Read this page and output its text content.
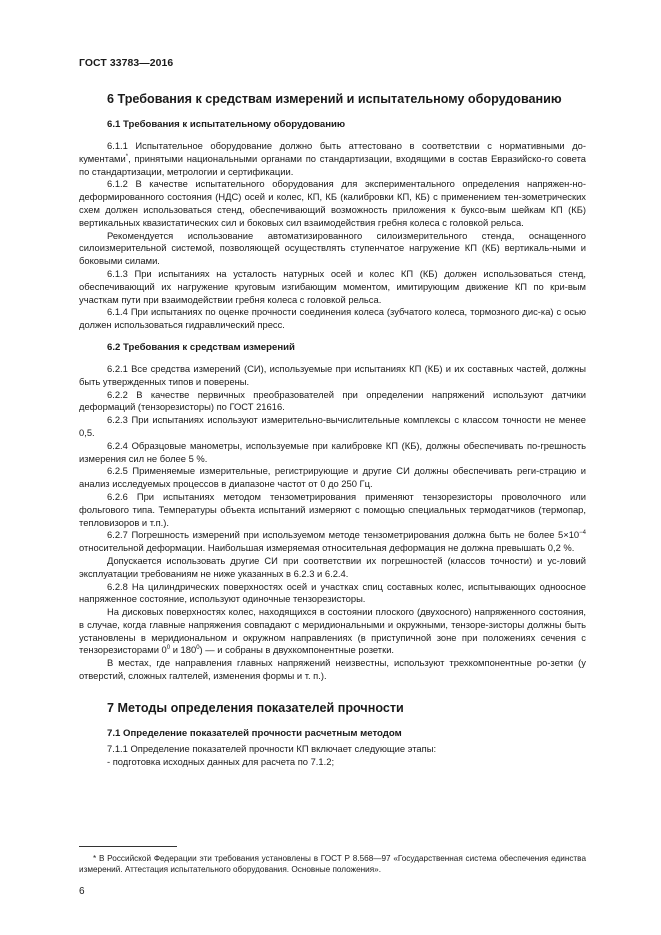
ГОСТ 33783—2016
6 Требования к средствам измерений и испытательному оборудованию
6.1 Требования к испытательному оборудованию

6.1.1 Испытательное оборудование должно быть аттестовано в соответствии с нормативными до-кументами*, принятыми национальными органами по стандартизации, входящими в состав Евразийско-го совета по стандартизации, метрологии и сертификации.

6.1.2 В качестве испытательного оборудования для экспериментального определения напряжен-но-деформированного состояния (НДС) осей и колес, КП, КБ (калибровки КП, КБ) с применением тен-зометрических схем должен использоваться стенд, обеспечивающий возможность приложения к буксо-вым шейкам КП (КБ) вертикальных квазистатических сил и боковых сил взаимодействия гребня колеса с головкой рельса.

Рекомендуется использование автоматизированного силоизмерительного стенда, оснащенного силоизмерительной системой, позволяющей осуществлять ступенчатое нагружение КП (КБ) вертикаль-ными и боковыми силами.

6.1.3 При испытаниях на усталость натурных осей и колес КП (КБ) должен использоваться стенд, обеспечивающий их нагружение круговым изгибающим моментом, имитирующим движение КП по кри-вым участкам пути при взаимодействии гребня колеса с головкой рельса.

6.1.4 При испытаниях по оценке прочности соединения колеса (зубчатого колеса, тормозного дис-ка) с осью должен использоваться гидравлический пресс.

6.2 Требования к средствам измерений

6.2.1 Все средства измерений (СИ), используемые при испытаниях КП (КБ) и их составных частей, должны быть утвержденных типов и поверены.

6.2.2 В качестве первичных преобразователей при определении напряжений используют датчики деформаций (тензорезисторы) по ГОСТ 21616.

6.2.3 При испытаниях используют измерительно-вычислительные комплексы с классом точности не менее 0,5.

6.2.4 Образцовые манометры, используемые при калибровке КП (КБ), должны обеспечивать по-грешность измерения сил не более 5 %.

6.2.5 Применяемые измерительные, регистрирующие и другие СИ должны обеспечивать реги-страцию и анализ исследуемых процессов в диапазоне частот от 0 до 250 Гц.

6.2.6 При испытаниях методом тензометрирования применяют тензорезисторы проволочного или фольгового типа. Температуры объекта испытаний измеряют с помощью специальных термодатчиков (термопар, тепловизоров и т.п.).

6.2.7 Погрешность измерений при используемом методе тензометрирования должна быть не более $5\times 10^{-4}$ относительной деформации. Наибольшая измеряемая относительная деформация не должна превышать 0,2 %.

Допускается использовать другие СИ при соответствии их погрешностей (классов точности) и ус-ловий эксплуатации требованиям не ниже указанных в 6.2.3 и 6.2.4.

6.2.8 На цилиндрических поверхностях осей и участках спиц составных колес, испытывающих одноосное напряженное состояние, используют одиночные тензорезисторы.

На дисковых поверхностях колес, находящихся в состоянии плоского (двухосного) напряженного состояния, в случае, когда главные напряжения совпадают с меридиональными и окружными, тензоре-зисторы должны быть установлены в меридиональном и окружном направлениях (в приступичной зоне при положениях сечения с тензорезисторами $0^0$ и $180^0$) — и собраны в двухкомпонентные розетки.

В местах, где направления главных напряжений неизвестны, используют трехкомпонентные ро-зетки (у отверстий, сложных галтелей, изменения формы и т. п.).

7 Методы определения показателей прочности
7.1 Определение показателей прочности расчетным методом

7.1.1 Определение показателей прочности КП включает следующие этапы:

- подготовка исходных данных для расчета по 7.1.2;

* В Российской Федерации эти требования установлены в ГОСТ Р 8.568—97 «Государственная система обеспечения единства измерений. Аттестация испытательного оборудования. Основные положения».
6
